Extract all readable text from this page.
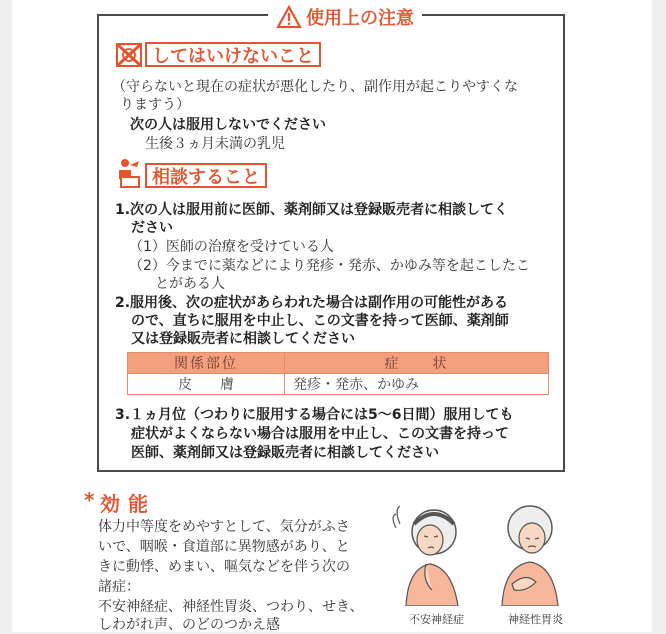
使用上の注意
してはいけないこと
（守らないと現在の症状が悪化したり、副作用が起こりやすくな
りますう）
次の人は服用しないでください
生後３ヵ月未満の乳児
相談すること
1.次の人は服用前に医師、薬剤師又は登録販売者に相談してく
ださい
（1）医師の治療を受けている人
（2）今までに薬などにより発疹・発赤、かゆみ等を起こしたこ
とがある人
2.服用後、次の症状があらわれた場合は副作用の可能性がある
ので、直ちに服用を中止し、この文書を持って医師、薬剤師
又は登録販売者に相談してください
関係部位	症　　状
皮　　膚	発疹・発赤、かゆみ
3.１ヵ月位（つわりに服用する場合には5～6日間）服用しても
症状がよくならない場合は服用を中止し、この文書を持って
医師、薬剤師又は登録販売者に相談してください
* 効能
体力中等度をめやすとして、気分がふさ
いで、咽喉・食道部に異物感があり、と
きに動悸、めまい、嘔気などを伴う次の
諸症：
不安神経症、神経性胃炎、つわり、せき、
しわがれ声、のどのつかえ感	不安神経症	神経性胃炎
